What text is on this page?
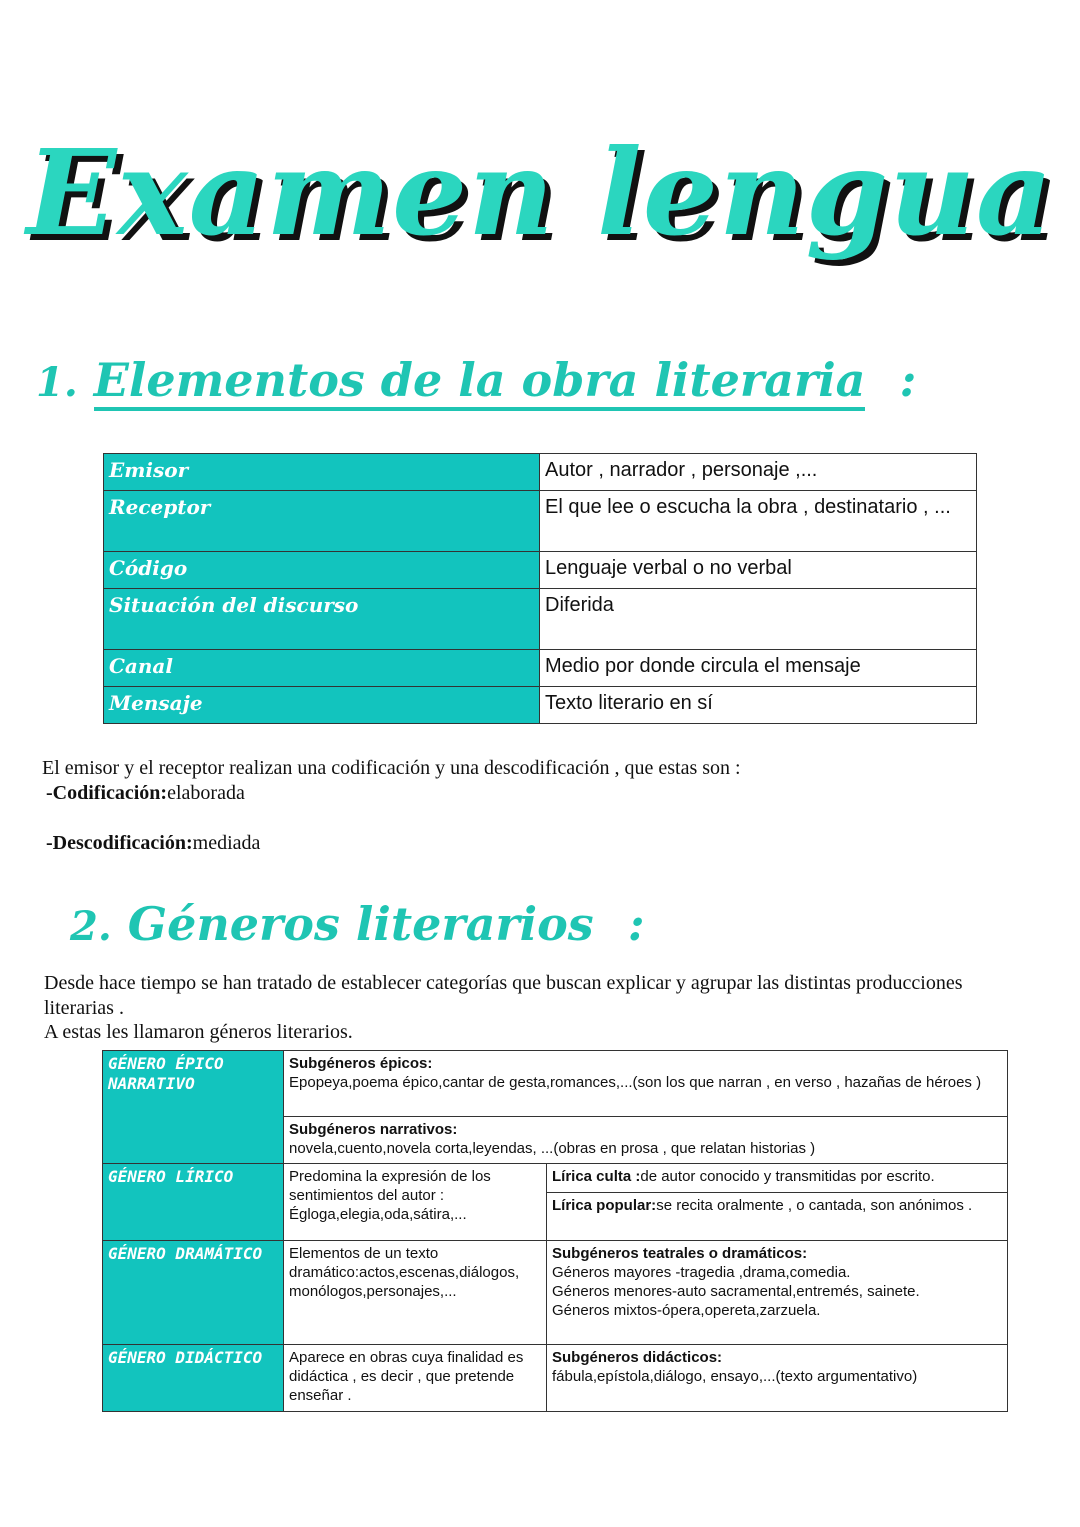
Examen lengua
1. Elementos de la obra literaria :
Emisor	Autor , narrador , personaje ,...
Receptor	El que lee o escucha la obra , destinatario , ...
Código	Lenguaje verbal o no verbal
Situación del discurso	Diferida
Canal	Medio por donde circula el mensaje
Mensaje	Texto literario en sí
El emisor y el receptor realizan una codificación y una descodificación , que estas son :
-Codificación:elaborada
-Descodificación:mediada
2. Géneros literarios :
Desde hace tiempo se han tratado de establecer categorías que buscan explicar y agrupar las distintas producciones literarias .
A estas les llamaron géneros literarios.
GÉNERO ÉPICO NARRATIVO	Subgéneros épicos:
Epopeya,poema épico,cantar de gesta,romances,...(son los que narran , en verso , hazañas de héroes )	

	Subgéneros narrativos:
novela,cuento,novela corta,leyendas, ...(obras en prosa , que relatan historias )	

GÉNERO LÍRICO	Predomina la expresión de los sentimientos del autor : Égloga,elegia,oda,sátira,...	Lírica culta :de autor conocido y transmitidas por escrito.
		Lírica popular:se recita oralmente , o cantada, son anónimos .
GÉNERO DRAMÁTICO	Elementos de un texto dramático:actos,escenas,diálogos, monólogos,personajes,...	Subgéneros teatrales o dramáticos:
Géneros mayores -tragedia ,drama,comedia.
Géneros menores-auto sacramental,entremés, sainete.
Géneros mixtos-ópera,opereta,zarzuela.

GÉNERO DIDÁCTICO	Aparece en obras cuya finalidad es didáctica , es decir , que pretende enseñar .	Subgéneros didácticos:
fábula,epístola,diálogo, ensayo,...(texto argumentativo)
